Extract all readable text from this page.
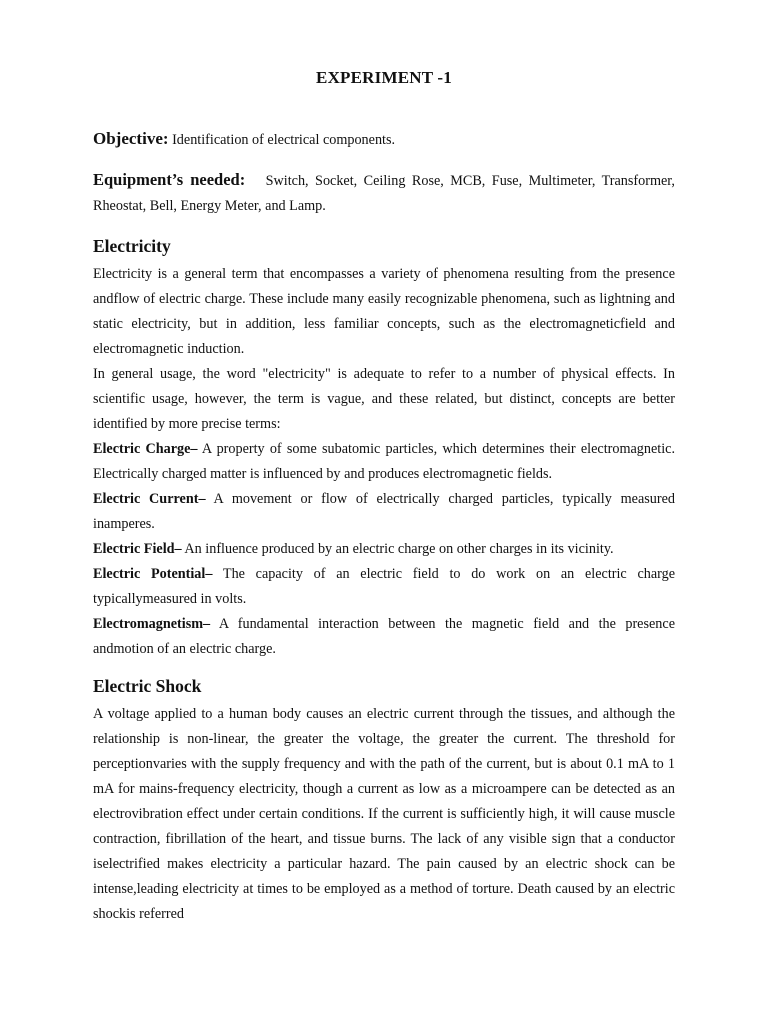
EXPERIMENT -1
Objective: Identification of electrical components.
Equipment’s needed: Switch, Socket, Ceiling Rose, MCB, Fuse, Multimeter, Transformer, Rheostat, Bell, Energy Meter, and Lamp.
Electricity

Electricity is a general term that encompasses a variety of phenomena resulting from the presence andflow of electric charge. These include many easily recognizable phenomena, such as lightning and static electricity, but in addition, less familiar concepts, such as the electromagneticfield and electromagnetic induction.

In general usage, the word "electricity" is adequate to refer to a number of physical effects. In scientific usage, however, the term is vague, and these related, but distinct, concepts are better identified by more precise terms:

Electric Charge– A property of some subatomic particles, which determines their electromagnetic. Electrically charged matter is influenced by and produces electromagnetic fields.

Electric Current– A movement or flow of electrically charged particles, typically measured inamperes.

Electric Field– An influence produced by an electric charge on other charges in its vicinity.

Electric Potential– The capacity of an electric field to do work on an electric charge typicallymeasured in volts.

Electromagnetism– A fundamental interaction between the magnetic field and the presence andmotion of an electric charge.

Electric Shock

A voltage applied to a human body causes an electric current through the tissues, and although the relationship is non-linear, the greater the voltage, the greater the current. The threshold for perceptionvaries with the supply frequency and with the path of the current, but is about 0.1 mA to 1 mA for mains-frequency electricity, though a current as low as a microampere can be detected as an electrovibration effect under certain conditions. If the current is sufficiently high, it will cause muscle contraction, fibrillation of the heart, and tissue burns. The lack of any visible sign that a conductor iselectrified makes electricity a particular hazard. The pain caused by an electric shock can be intense,leading electricity at times to be employed as a method of torture. Death caused by an electric shockis referred
